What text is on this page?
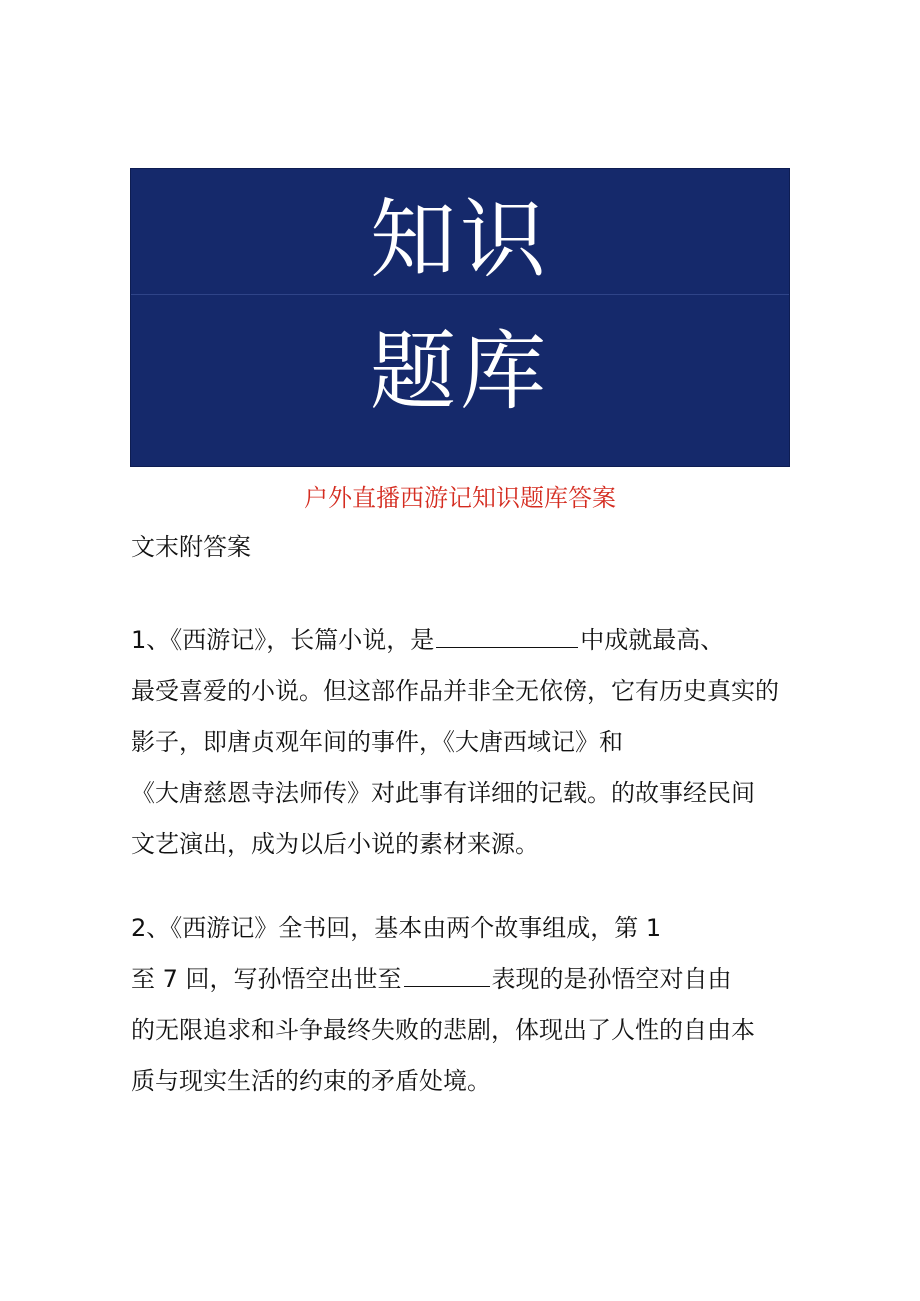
知识
题库
户外直播西游记知识题库答案
文末附答案
1、《西游记》，长篇小说，是	中成就最高、
最受喜爱的小说。但这部作品并非全无依傍，它有历史真实的
影子，即唐贞观年间的事件，《大唐西域记》和
《大唐慈恩寺法师传》对此事有详细的记载。的故事经民间
文艺演出，成为以后小说的素材来源。
2、《西游记》全书回，基本由两个故事组成，第 1
至 7 回，写孙悟空出世至	表现的是孙悟空对自由
的无限追求和斗争最终失败的悲剧，体现出了人性的自由本
质与现实生活的约束的矛盾处境。
